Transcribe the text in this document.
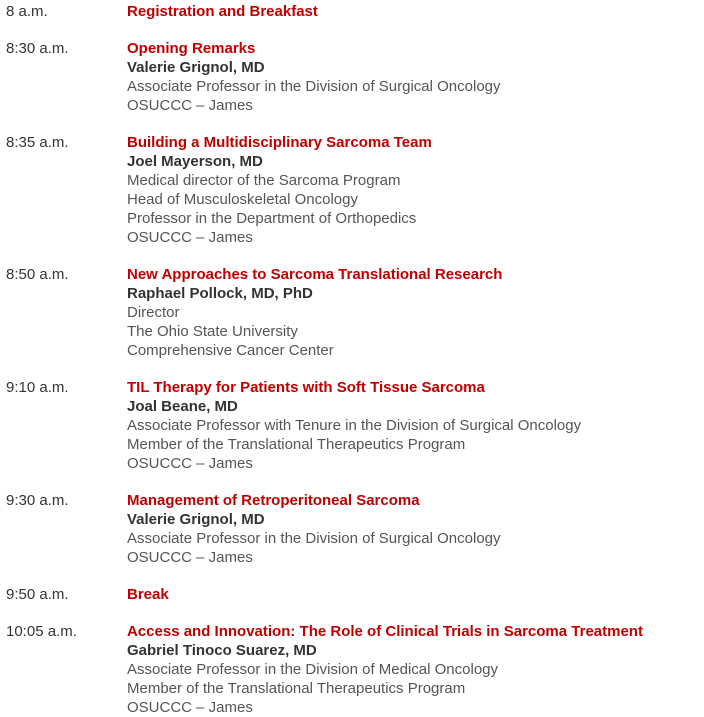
8 a.m.	Registration and Breakfast
8:30 a.m.	Opening Remarks
Valerie Grignol, MD
Associate Professor in the Division of Surgical Oncology
OSUCCC – James
8:35 a.m.	Building a Multidisciplinary Sarcoma Team
Joel Mayerson, MD
Medical director of the Sarcoma Program
Head of Musculoskeletal Oncology
Professor in the Department of Orthopedics
OSUCCC – James
8:50 a.m.	New Approaches to Sarcoma Translational Research
Raphael Pollock, MD, PhD
Director
The Ohio State University
Comprehensive Cancer Center
9:10 a.m.	TIL Therapy for Patients with Soft Tissue Sarcoma
Joal Beane, MD
Associate Professor with Tenure in the Division of Surgical Oncology
Member of the Translational Therapeutics Program
OSUCCC – James
9:30 a.m.	Management of Retroperitoneal Sarcoma
Valerie Grignol, MD
Associate Professor in the Division of Surgical Oncology
OSUCCC – James
9:50 a.m.	Break
10:05 a.m.	Access and Innovation: The Role of Clinical Trials in Sarcoma Treatment
Gabriel Tinoco Suarez, MD
Associate Professor in the Division of Medical Oncology
Member of the Translational Therapeutics Program
OSUCCC – James
